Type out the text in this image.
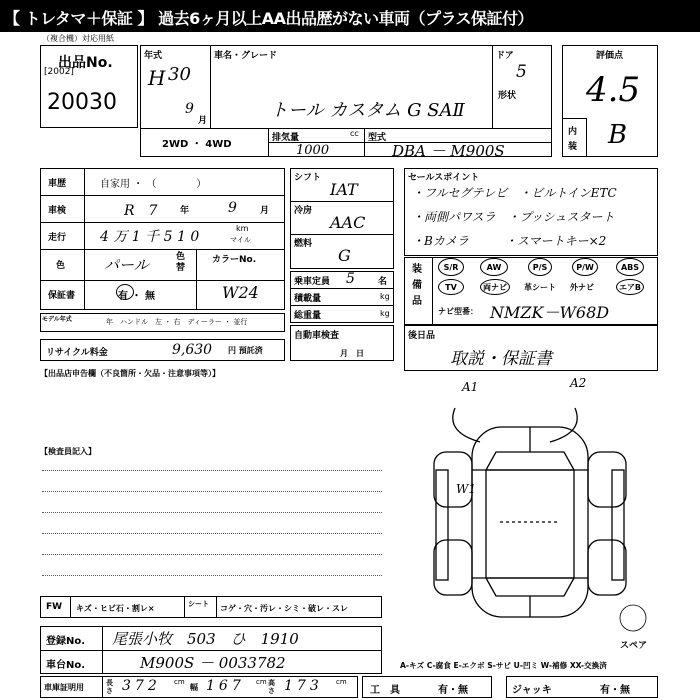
【 トレタマ＋保証 】 過去6ヶ月以上AA出品歴がない車両（プラス保証付）
（複合機）対応用紙
出品No.
[2002]
20030
年式
H 30
9
月
車名・グレード
トール カスタム G SAⅡ
ドア
5
形状
2WD ・ 4WD
排気量	cc
1000
型式
DBA － M900S
評価点
4.5
内
装 B
車歴	自家用 ・ （　　　　）
車検	R　7	年	9	月
走行 4 万 1 千 5 1 0
km
マイル
色	パール	色替
保証書	有 ・ 無
カラーNo.
W24
モデル年式	年　ハンドル　左 ・ 右　ディーラー ・ 並行
リサイクル料金	9,630 円 預託済
シフト
IAT
冷房
AAC
燃料
G
乗車定員 5	名
積載量	kg
総重量	kg
自動車検査
月　日
セールスポイント
・フルセグテレビ　・ビルトインETC
・両側パワスラ　・プッシュスタート
・Bカメラ　　　・スマートキー×2
装備品
S/R	AW	P/S	P/W	ABS
TV	両ナビ	革シート 外ナビ	エアB
ナビ型番： NMZK－W68D
後日品
取説・保証書
【出品店申告欄（不良箇所・欠品・注意事項等）】
【検査員記入】
A1	A2
W1
スペア
A-キズ C-腐食 E-エクボ S-サビ U-凹ミ W-補修 XX-交換済
FW キズ・ヒビ石・割レ×	シート	コゲ・穴・汚レ・シミ・破レ・スレ
登録No. 尾張小牧　503　ひ　1910
車台No.	M900S － 0033782
車庫証明用	長さ 372 cm
幅 167 cm 高さ 173 cm
工　具	有・無	ジャッキ	有・無
